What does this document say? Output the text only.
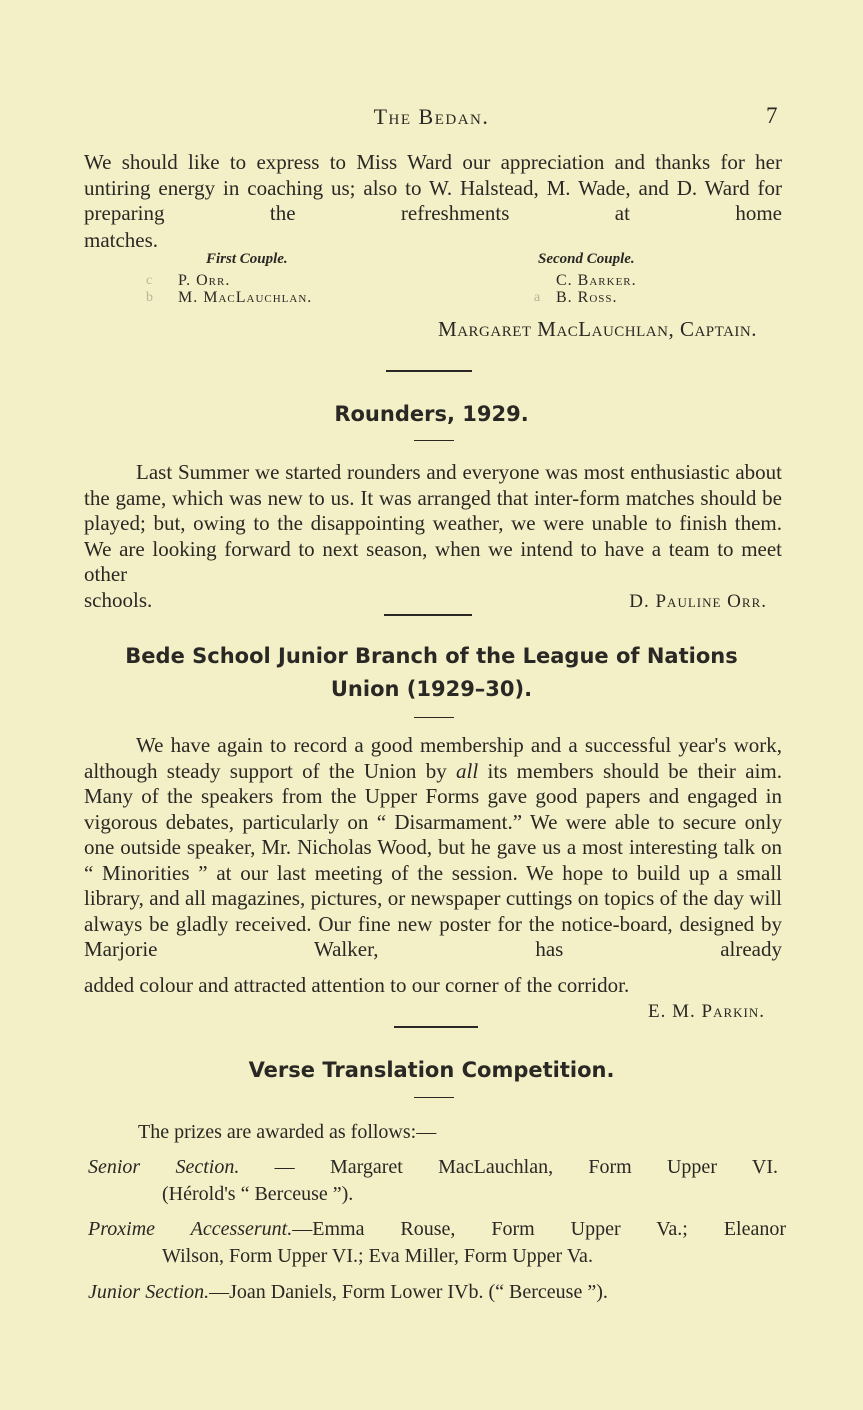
The Bedan.	7

We should like to express to Miss Ward our appreciation and thanks for her untiring energy in coaching us; also to W. Halstead, M. Wade, and D. Ward for preparing the refreshments at home

matches.

First Couple.	Second Couple.
c P. Orr.	C. Barker.
b M. MacLauchlan.	a B. Ross.
Margaret MacLauchlan, Captain.
Rounders, 1929.

Last Summer we started rounders and everyone was most enthusiastic about the game, which was new to us. It was arranged that inter-form matches should be played; but, owing to the disappointing weather, we were unable to finish them. We are looking forward to next season, when we intend to have a team to meet other

schools.	D. Pauline Orr.
Bede School Junior Branch of the League of Nations
Union (1929–30).

We have again to record a good membership and a successful year's work, although steady support of the Union by all its members should be their aim. Many of the speakers from the Upper Forms gave good papers and engaged in vigorous debates, particularly on “ Disarmament.” We were able to secure only one outside speaker, Mr. Nicholas Wood, but he gave us a most interesting talk on “ Minorities ” at our last meeting of the session. We hope to build up a small library, and all magazines, pictures, or newspaper cuttings on topics of the day will always be gladly received. Our fine new poster for the notice-board, designed by Marjorie Walker, has already

added colour and attracted attention to our corner of the corridor.

E. M. Parkin.
Verse Translation Competition.
The prizes are awarded as follows:—
Senior Section. — Margaret MacLauchlan, Form Upper VI.
(Hérold's “ Berceuse ”).
Proxime Accesserunt.—Emma Rouse, Form Upper Va.; Eleanor
Wilson, Form Upper VI.; Eva Miller, Form Upper Va.
Junior Section.—Joan Daniels, Form Lower IVb. (“ Berceuse ”).
